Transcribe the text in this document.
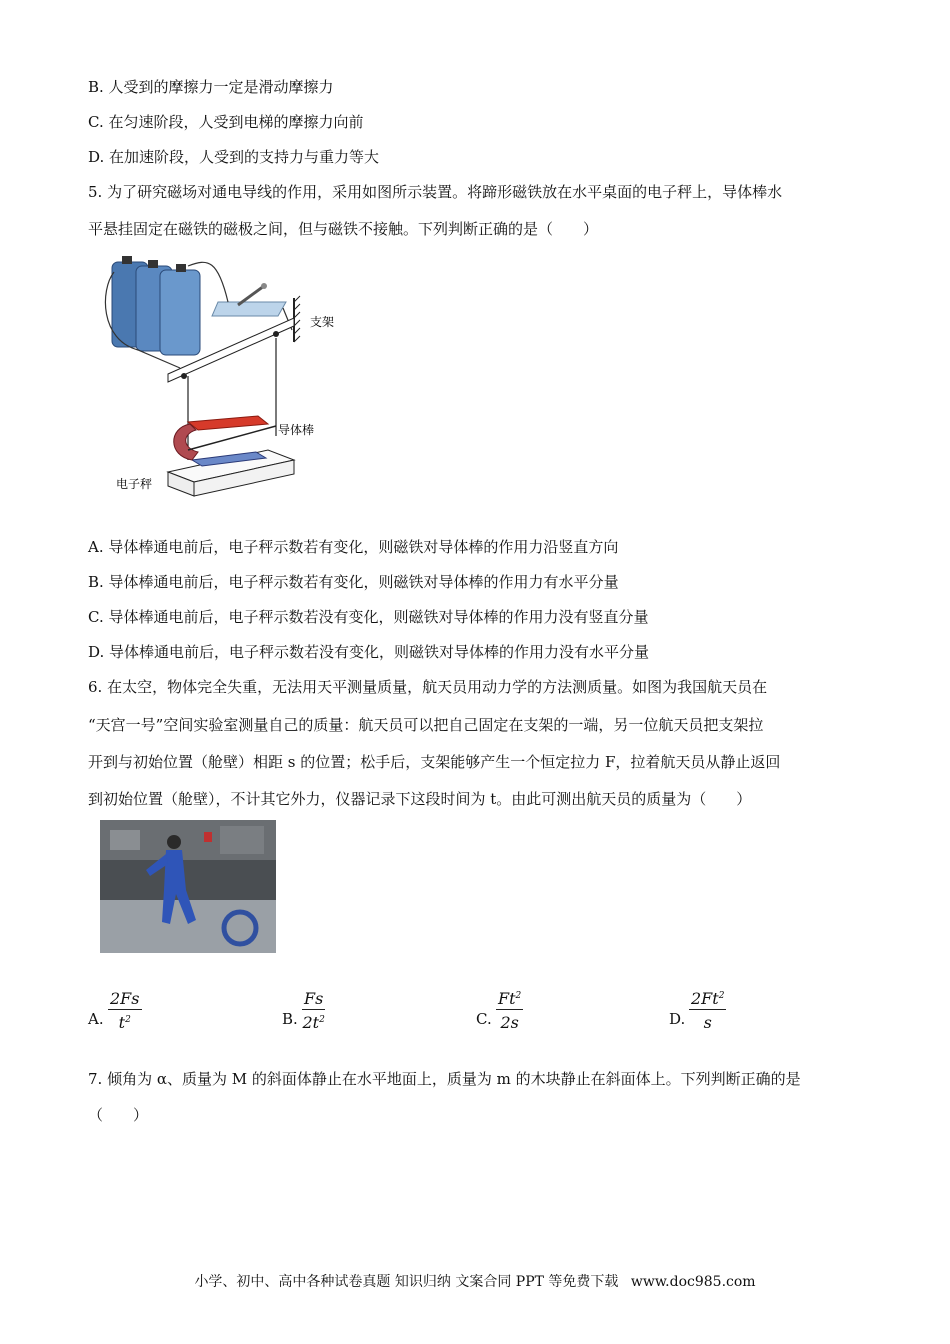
B. 人受到的摩擦力一定是滑动摩擦力
C. 在匀速阶段，人受到电梯的摩擦力向前
D. 在加速阶段，人受到的支持力与重力等大
5. 为了研究磁场对通电导线的作用，采用如图所示装置。将蹄形磁铁放在水平桌面的电子秤上，导体棒水
平悬挂固定在磁铁的磁极之间，但与磁铁不接触。下列判断正确的是（　　）
支架
导体棒
电子秤
A. 导体棒通电前后，电子秤示数若有变化，则磁铁对导体棒的作用力沿竖直方向
B. 导体棒通电前后，电子秤示数若有变化，则磁铁对导体棒的作用力有水平分量
C. 导体棒通电前后，电子秤示数若没有变化，则磁铁对导体棒的作用力没有竖直分量
D. 导体棒通电前后，电子秤示数若没有变化，则磁铁对导体棒的作用力没有水平分量
6. 在太空，物体完全失重，无法用天平测量质量，航天员用动力学的方法测质量。如图为我国航天员在
“天宫一号”空间实验室测量自己的质量：航天员可以把自己固定在支架的一端，另一位航天员把支架拉
开到与初始位置（舱壁）相距 s 的位置；松手后，支架能够产生一个恒定拉力 F，拉着航天员从静止返回
到初始位置（舱壁），不计其它外力，仪器记录下这段时间为 t。由此可测出航天员的质量为（　　）
A. $\frac{2Fs}{t^2}$	B. $\frac{Fs}{2t^2}$	C. $\frac{Ft^2}{2s}$	D. $\frac{2Ft^2}{s}$
7. 倾角为 α、质量为 M 的斜面体静止在水平地面上，质量为 m 的木块静止在斜面体上。下列判断正确的是
（　　）
小学、初中、高中各种试卷真题 知识归纳 文案合同 PPT 等免费下载 www.doc985.com
